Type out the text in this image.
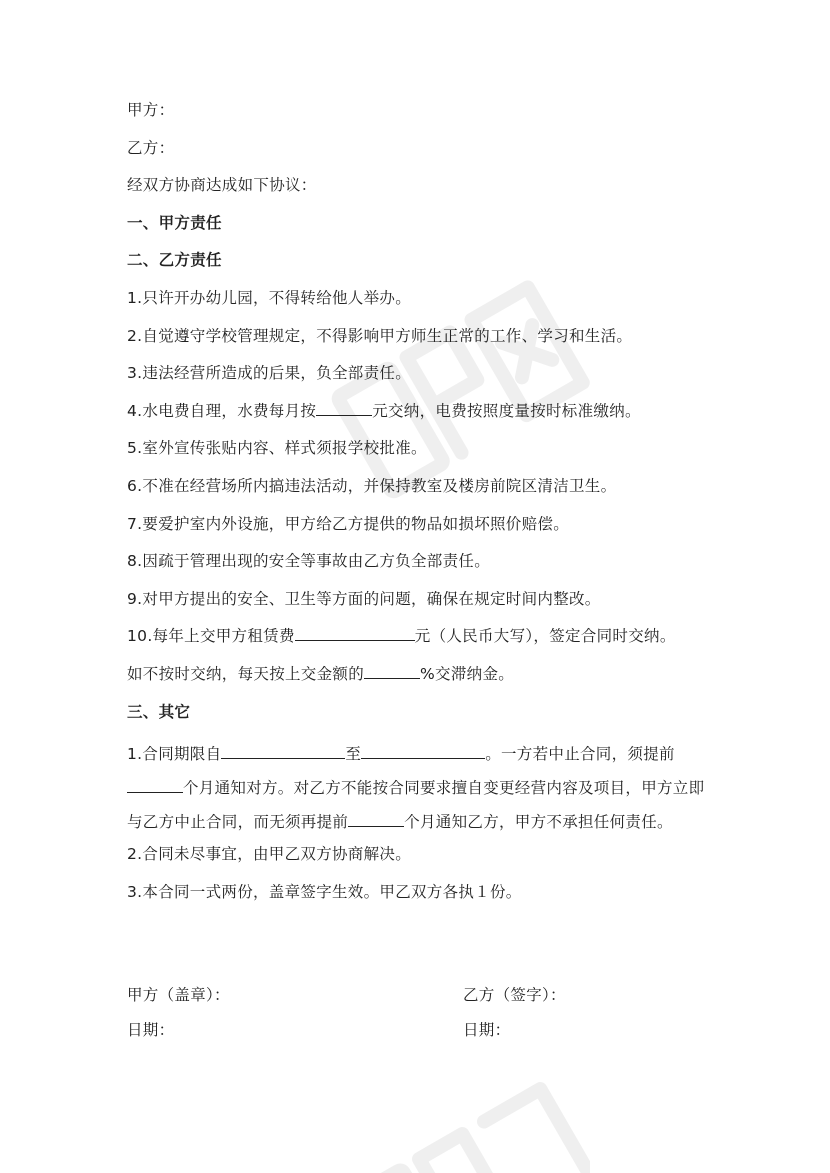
甲方：
乙方：
经双方协商达成如下协议：
一、甲方责任
二、乙方责任
1.只许开办幼儿园，不得转给他人举办。
2.自觉遵守学校管理规定，不得影响甲方师生正常的工作、学习和生活。
3.违法经营所造成的后果，负全部责任。
4.水电费自理，水费每月按	元交纳，电费按照度量按时标准缴纳。
5.室外宣传张贴内容、样式须报学校批准。
6.不准在经营场所内搞违法活动，并保持教室及楼房前院区清洁卫生。
7.要爱护室内外设施，甲方给乙方提供的物品如损坏照价赔偿。
8.因疏于管理出现的安全等事故由乙方负全部责任。
9.对甲方提出的安全、卫生等方面的问题，确保在规定时间内整改。
10.每年上交甲方租赁费	元（人民币大写），签定合同时交纳。
如不按时交纳，每天按上交金额的	%交滞纳金。
三、其它
1.合同期限自	至	。一方若中止合同，须提前
个月通知对方。对乙方不能按合同要求擅自变更经营内容及项目，甲方立即与乙方中止合同，而无须再提前	个月通知乙方，甲方不承担任何责任。
2.合同未尽事宜，由甲乙双方协商解决。
3.本合同一式两份，盖章签字生效。甲乙双方各执１份。
甲方（盖章）：	乙方（签字）：
日期：	日期：
